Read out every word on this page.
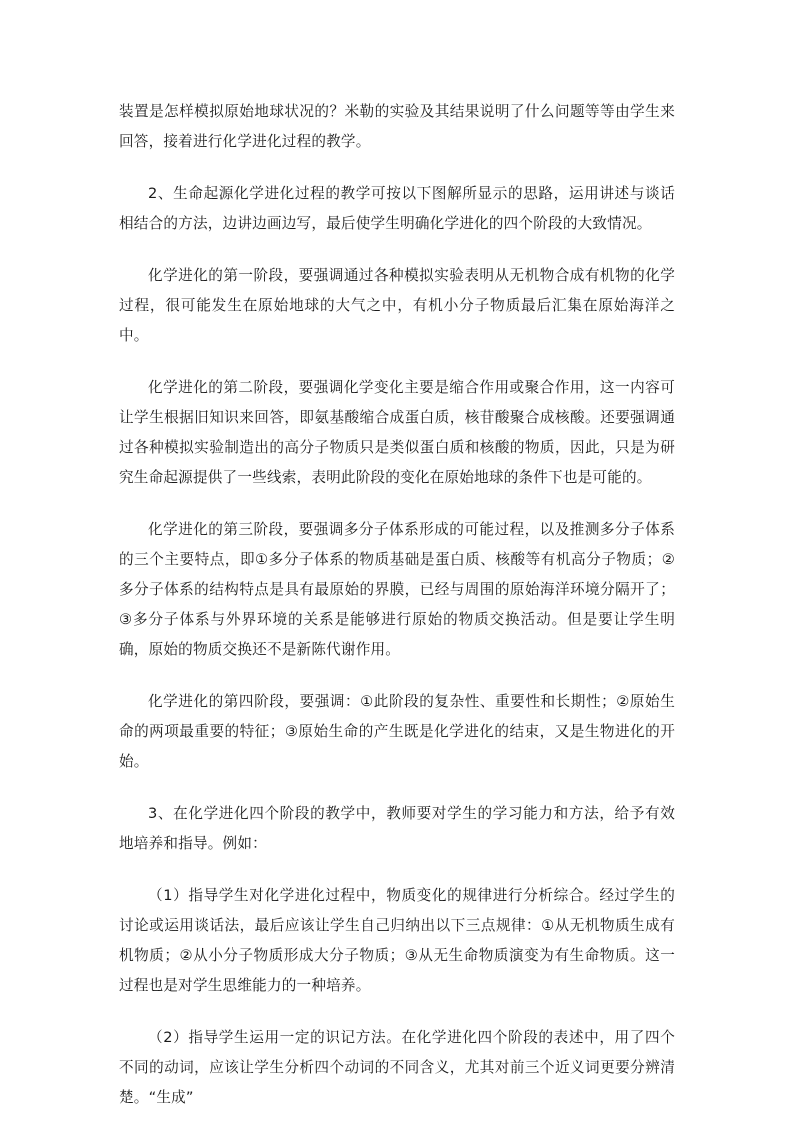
装置是怎样模拟原始地球状况的？米勒的实验及其结果说明了什么问题等等由学生来回答，接着进行化学进化过程的教学。

2、生命起源化学进化过程的教学可按以下图解所显示的思路，运用讲述与谈话相结合的方法，边讲边画边写，最后使学生明确化学进化的四个阶段的大致情况。

化学进化的第一阶段，要强调通过各种模拟实验表明从无机物合成有机物的化学过程，很可能发生在原始地球的大气之中，有机小分子物质最后汇集在原始海洋之中。

化学进化的第二阶段，要强调化学变化主要是缩合作用或聚合作用，这一内容可让学生根据旧知识来回答，即氨基酸缩合成蛋白质，核苷酸聚合成核酸。还要强调通过各种模拟实验制造出的高分子物质只是类似蛋白质和核酸的物质，因此，只是为研究生命起源提供了一些线索，表明此阶段的变化在原始地球的条件下也是可能的。

化学进化的第三阶段，要强调多分子体系形成的可能过程，以及推测多分子体系的三个主要特点，即①多分子体系的物质基础是蛋白质、核酸等有机高分子物质；②多分子体系的结构特点是具有最原始的界膜，已经与周围的原始海洋环境分隔开了；③多分子体系与外界环境的关系是能够进行原始的物质交换活动。但是要让学生明确，原始的物质交换还不是新陈代谢作用。

化学进化的第四阶段，要强调：①此阶段的复杂性、重要性和长期性；②原始生命的两项最重要的特征；③原始生命的产生既是化学进化的结束，又是生物进化的开始。

3、在化学进化四个阶段的教学中，教师要对学生的学习能力和方法，给予有效地培养和指导。例如：

（1）指导学生对化学进化过程中，物质变化的规律进行分析综合。经过学生的讨论或运用谈话法，最后应该让学生自己归纳出以下三点规律：①从无机物质生成有机物质；②从小分子物质形成大分子物质；③从无生命物质演变为有生命物质。这一过程也是对学生思维能力的一种培养。

（2）指导学生运用一定的识记方法。在化学进化四个阶段的表述中，用了四个不同的动词，应该让学生分析四个动词的不同含义，尤其对前三个近义词更要分辨清楚。“生成”
